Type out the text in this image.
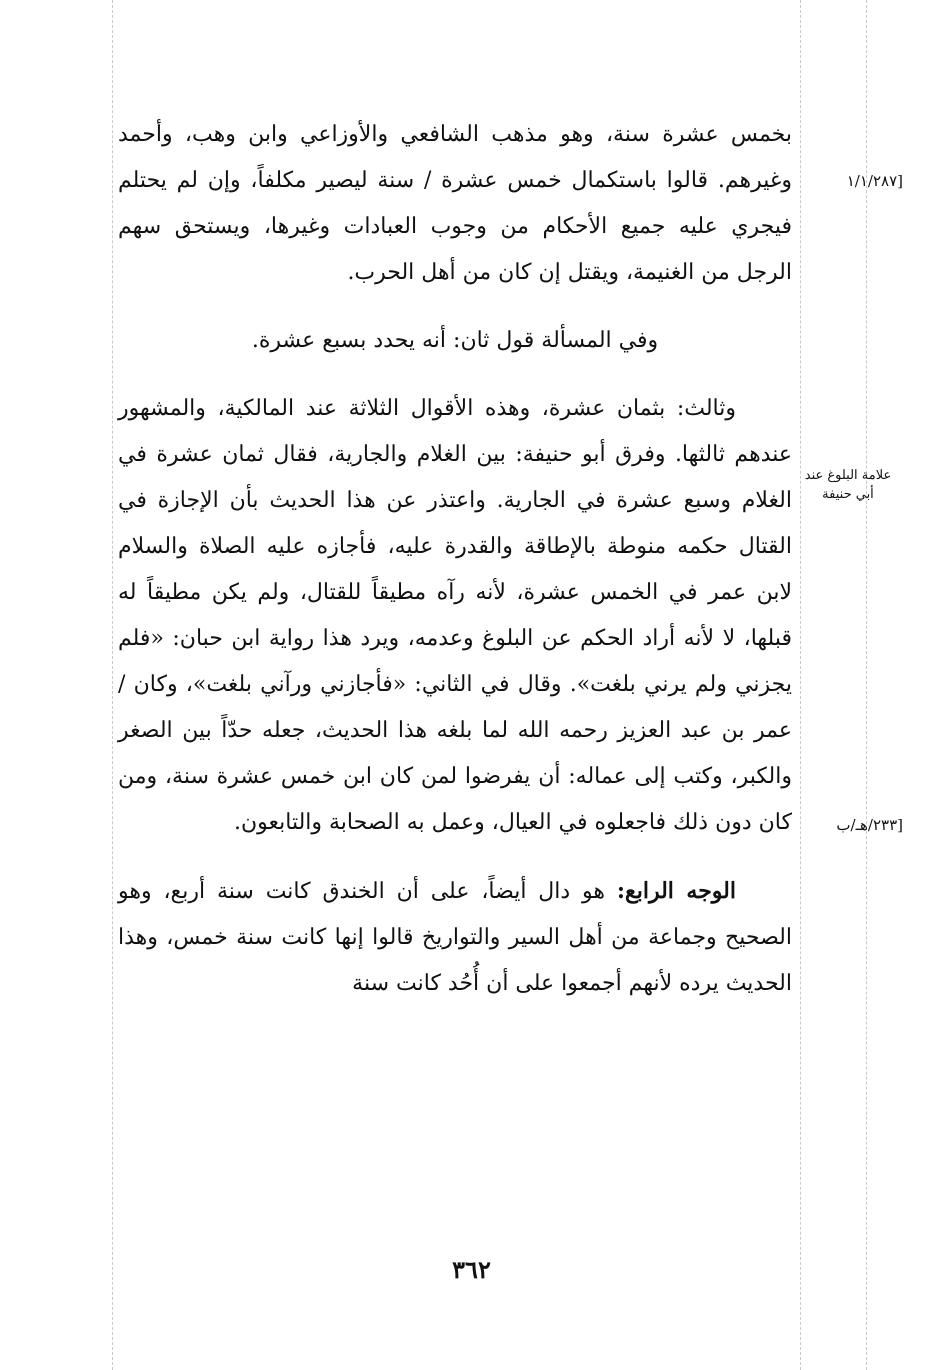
[١/١/٢٨٧
علامة البلوغ عند أبي حنيفة
[٢٣٣/هـ/ب

بخمس عشرة سنة، وهو مذهب الشافعي والأوزاعي وابن وهب، وأحمد وغيرهم. قالوا باستكمال خمس عشرة / سنة ليصير مكلفاً، وإن لم يحتلم فيجري عليه جميع الأحكام من وجوب العبادات وغيرها، ويستحق سهم الرجل من الغنيمة، ويقتل إن كان من أهل الحرب.

وفي المسألة قول ثان: أنه يحدد بسبع عشرة.

وثالث: بثمان عشرة، وهذه الأقوال الثلاثة عند المالكية، والمشهور عندهم ثالثها. وفرق أبو حنيفة: بين الغلام والجارية، فقال ثمان عشرة في الغلام وسبع عشرة في الجارية. واعتذر عن هذا الحديث بأن الإجازة في القتال حكمه منوطة بالإطاقة والقدرة عليه، فأجازه عليه الصلاة والسلام لابن عمر في الخمس عشرة، لأنه رآه مطيقاً للقتال، ولم يكن مطيقاً له قبلها، لا لأنه أراد الحكم عن البلوغ وعدمه، ويرد هذا رواية ابن حبان: «فلم يجزني ولم يرني بلغت». وقال في الثاني: «فأجازني ورآني بلغت»، وكان / عمر بن عبد العزيز رحمه الله لما بلغه هذا الحديث، جعله حدّاً بين الصغر والكبر، وكتب إلى عماله: أن يفرضوا لمن كان ابن خمس عشرة سنة، ومن كان دون ذلك فاجعلوه في العيال، وعمل به الصحابة والتابعون.

الوجه الرابع: هو دال أيضاً، على أن الخندق كانت سنة أربع، وهو الصحيح وجماعة من أهل السير والتواريخ قالوا إنها كانت سنة خمس، وهذا الحديث يرده لأنهم أجمعوا على أن أُحُد كانت سنة

٣٦٢
